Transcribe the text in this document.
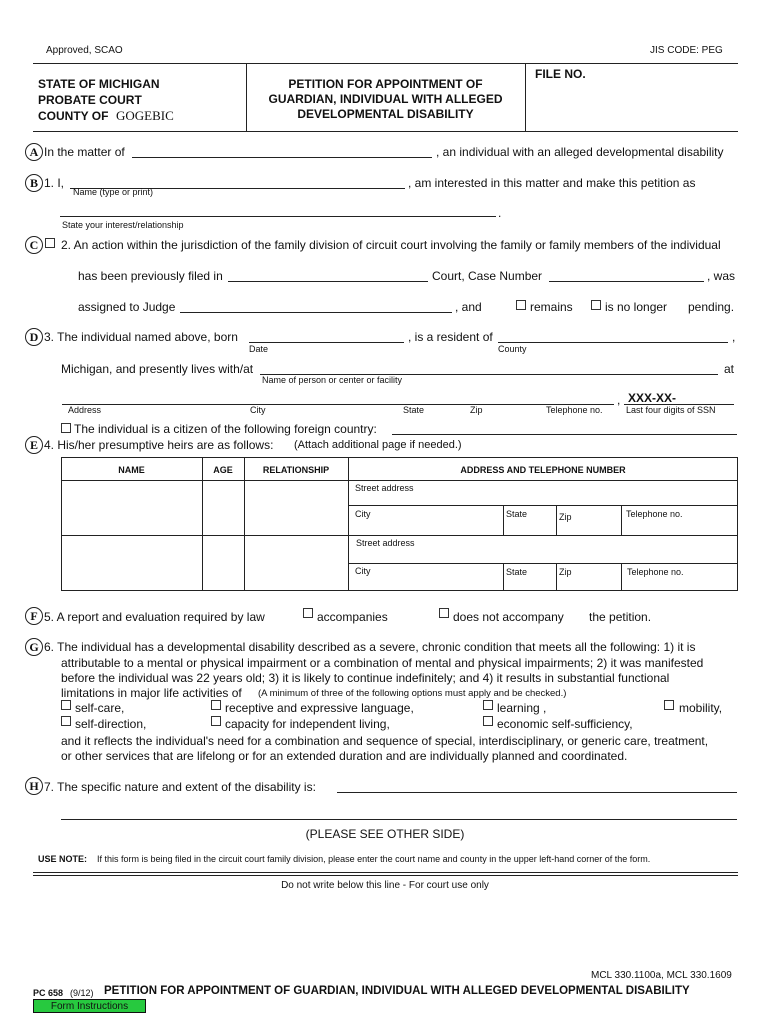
Approved, SCAO	JIS CODE: PEG
STATE OF MICHIGAN
PROBATE COURT
COUNTY OF GOGEBIC
PETITION FOR APPOINTMENT OF
GUARDIAN, INDIVIDUAL WITH ALLEGED
DEVELOPMENTAL DISABILITY
FILE NO.
A In the matter of	, an individual with an alleged developmental disability
B 1. I,	, am interested in this matter and make this petition as
Name (type or print)
.
State your interest/relationship
C	2. An action within the jurisdiction of the family division of circuit court involving the family or family members of the individual
has been previously filed in	Court, Case Number	, was
assigned to Judge	, and	remains	is no longer pending.
D 3. The individual named above, born	, is a resident of	,
Date	County
Michigan, and presently lives with/at	at
Name of person or center or facility
, XXX-XX-
Address	City	State	Zip	Telephone no.	Last four digits of SSN
The individual is a citizen of the following foreign country:
E 4. His/her presumptive heirs are as follows: (Attach additional page if needed.)
NAME	AGE	RELATIONSHIP	ADDRESS AND TELEPHONE NUMBER
Street address
City	State	Zip	Telephone no.
Street address
City	State	Zip	Telephone no.
F 5. A report and evaluation required by law	accompanies	does not accompany the petition.
G 6. The individual has a developmental disability described as a severe, chronic condition that meets all the following: 1) it is
attributable to a mental or physical impairment or a combination of mental and physical impairments; 2) it was manifested
before the individual was 22 years old; 3) it is likely to continue indefinitely; and 4) it results in substantial functional
limitations in major life activities of (A minimum of three of the following options must apply and be checked.)
self-care,	receptive and expressive language,	learning ,	mobility,
self-direction,	capacity for independent living,	economic self-sufficiency,
and it reflects the individual's need for a combination and sequence of special, interdisciplinary, or generic care, treatment,
or other services that are lifelong or for an extended duration and are individually planned and coordinated.
H 7. The specific nature and extent of the disability is:
(PLEASE SEE OTHER SIDE)
USE NOTE: If this form is being filed in the circuit court family division, please enter the court name and county in the upper left-hand corner of the form.
Do not write below this line - For court use only
MCL 330.1100a, MCL 330.1609
PC 658 (9/12) PETITION FOR APPOINTMENT OF GUARDIAN, INDIVIDUAL WITH ALLEGED DEVELOPMENTAL DISABILITY
Form Instructions
